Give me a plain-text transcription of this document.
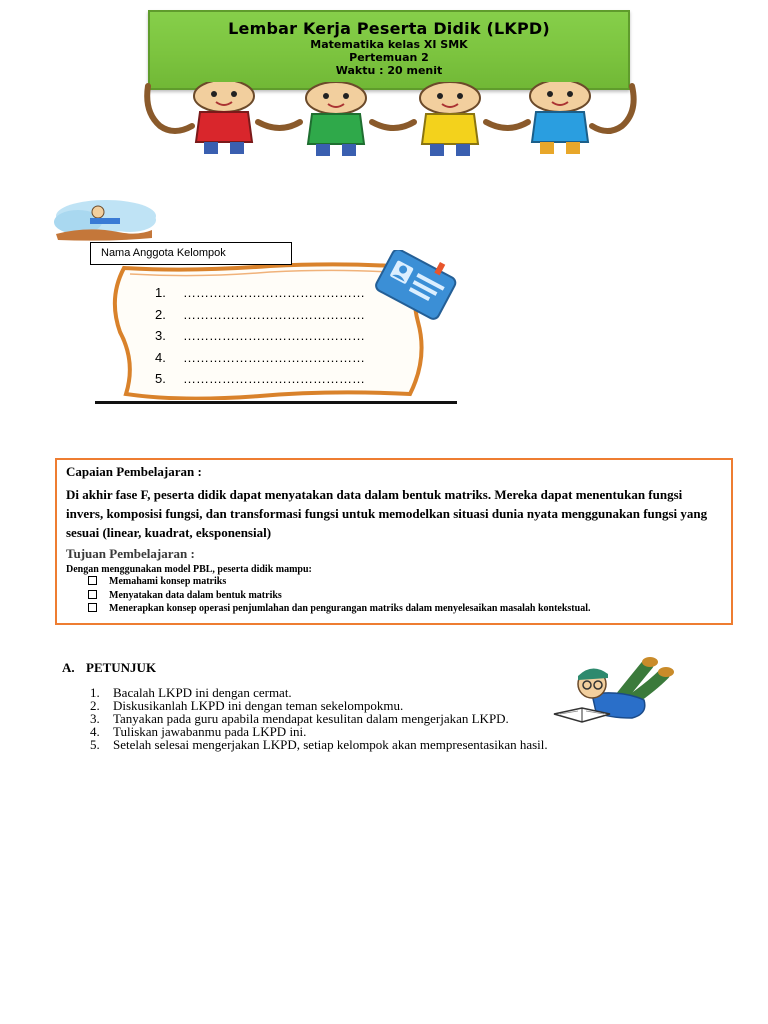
Lembar Kerja Peserta Didik (LKPD)
Matematika kelas XI SMK
Pertemuan 2
Waktu : 20 menit
Nama Anggota Kelompok
1. ……………………………………
2. ……………………………………
3. ……………………………………
4. ……………………………………
5. ……………………………………

Capaian Pembelajaran :

Di akhir fase F, peserta didik dapat menyatakan data dalam bentuk matriks. Mereka dapat menentukan fungsi invers, komposisi fungsi, dan transformasi fungsi untuk memodelkan situasi dunia nyata menggunakan fungsi yang sesuai (linear, kuadrat, eksponensial)

Tujuan Pembelajaran :

Dengan menggunakan model PBL, peserta didik mampu:

Memahami konsep matriks
Menyatakan data dalam bentuk matriks
Menerapkan konsep operasi penjumlahan dan pengurangan matriks dalam menyelesaikan masalah kontekstual.
A. PETUNJUK
1. Bacalah LKPD ini dengan cermat.
2. Diskusikanlah LKPD ini dengan teman sekelompokmu.
3. Tanyakan pada guru apabila mendapat kesulitan dalam mengerjakan LKPD.
4. Tuliskan jawabanmu pada LKPD ini.
5. Setelah selesai mengerjakan LKPD, setiap kelompok akan mempresentasikan hasil.
